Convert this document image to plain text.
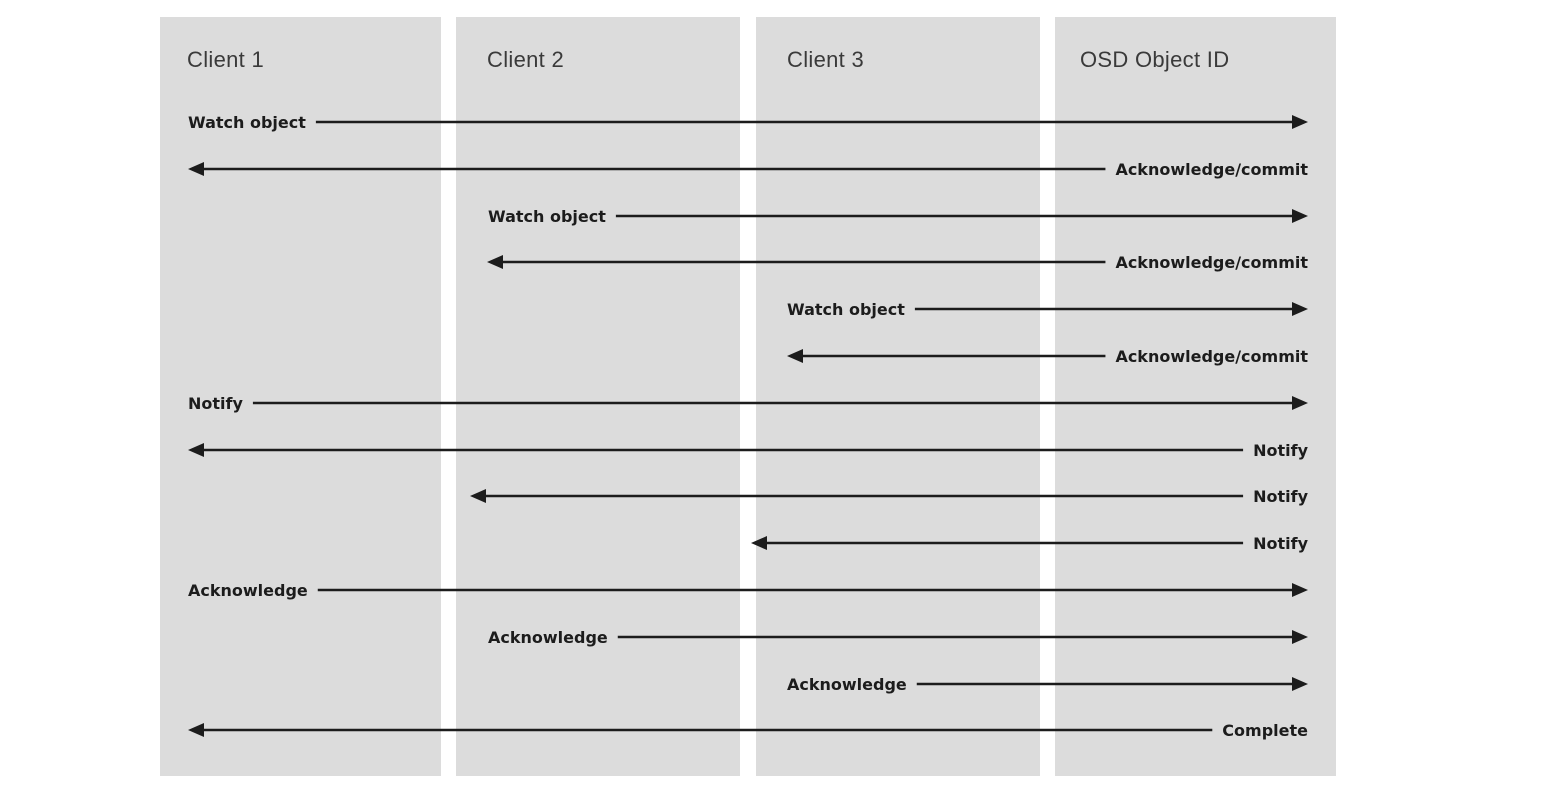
Client 1	Client 2	Client 3	OSD Object ID
Watch object
Acknowledge/commit
Watch object
Acknowledge/commit
Watch object
Acknowledge/commit
Notify
Notify
Notify
Notify
Acknowledge
Acknowledge
Acknowledge
Complete
